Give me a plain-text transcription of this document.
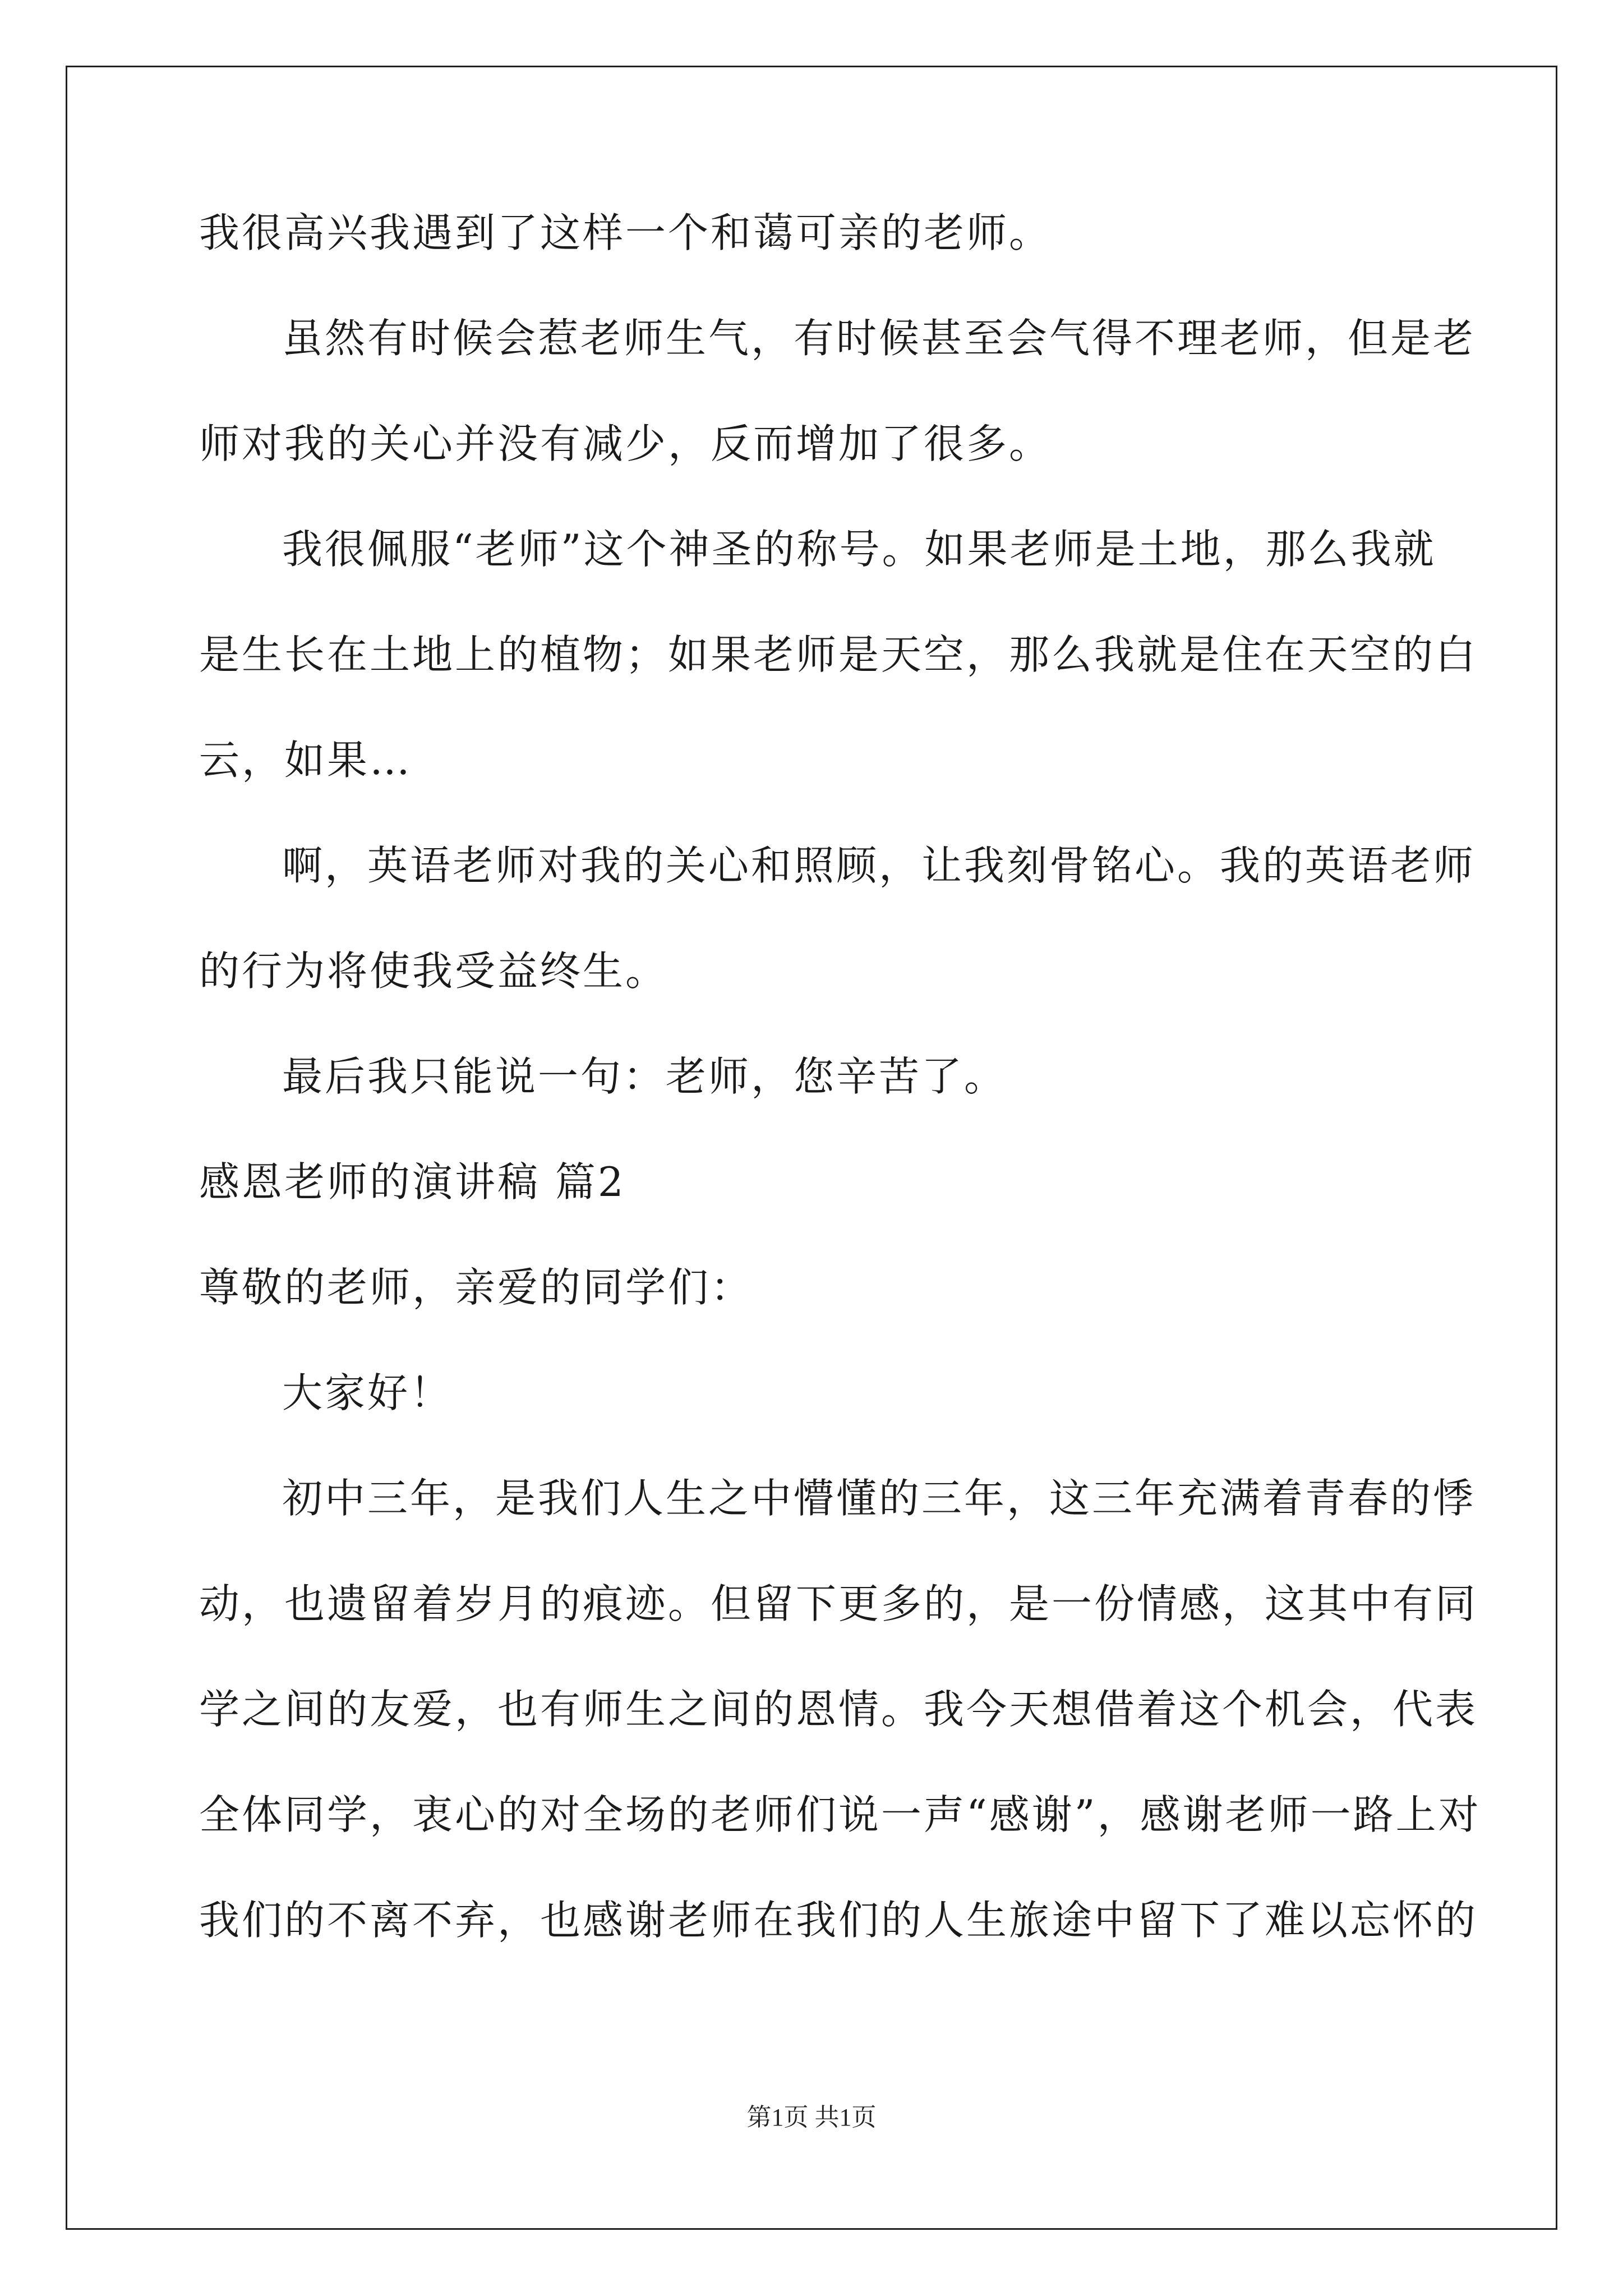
我很高兴我遇到了这样一个和蔼可亲的老师。
虽然有时候会惹老师生气，有时候甚至会气得不理老师，但是老
师对我的关心并没有减少，反而增加了很多。
我很佩服“老师”这个神圣的称号。如果老师是土地，那么我就
是生长在土地上的植物；如果老师是天空，那么我就是住在天空的白
云，如果…
啊，英语老师对我的关心和照顾，让我刻骨铭心。我的英语老师
的行为将使我受益终生。
最后我只能说一句：老师，您辛苦了。
感恩老师的演讲稿 篇2
尊敬的老师，亲爱的同学们：
大家好！
初中三年，是我们人生之中懵懂的三年，这三年充满着青春的悸
动，也遗留着岁月的痕迹。但留下更多的，是一份情感，这其中有同
学之间的友爱，也有师生之间的恩情。我今天想借着这个机会，代表
全体同学，衷心的对全场的老师们说一声“感谢”，感谢老师一路上对
我们的不离不弃，也感谢老师在我们的人生旅途中留下了难以忘怀的
第1页 共1页
